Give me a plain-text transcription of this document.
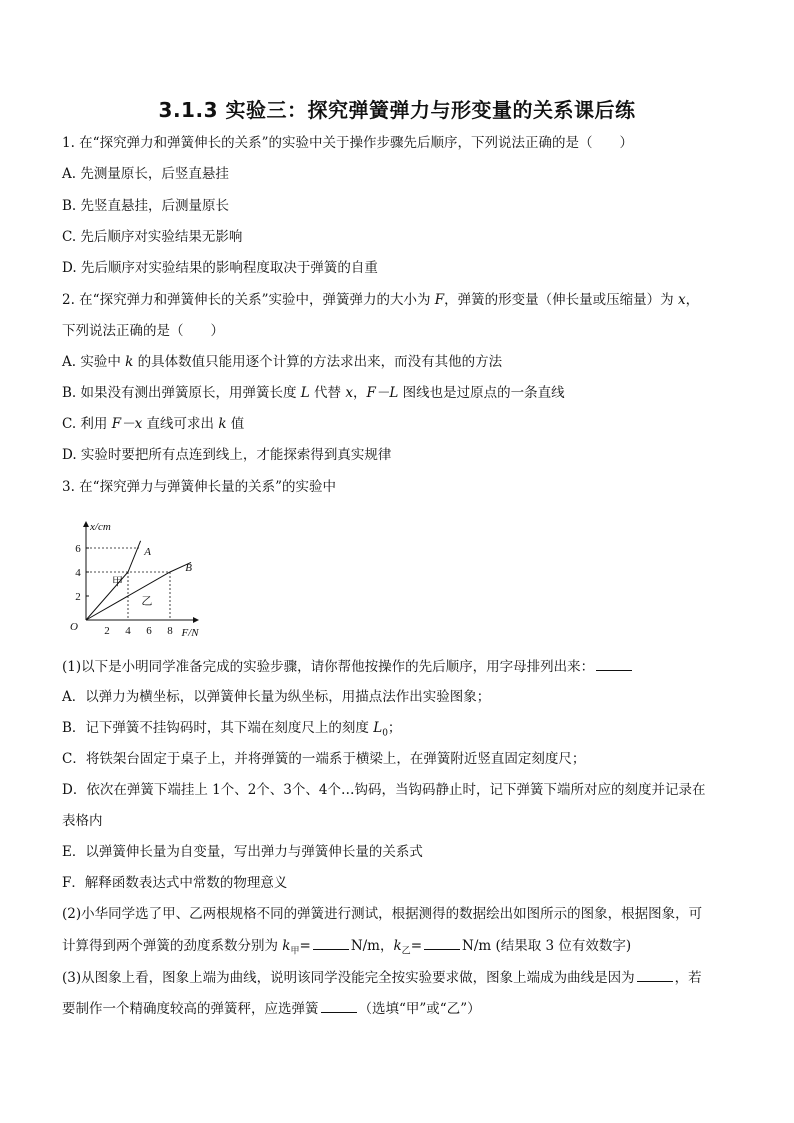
3.1.3 实验三：探究弹簧弹力与形变量的关系课后练
1. 在“探究弹力和弹簧伸长的关系”的实验中关于操作步骤先后顺序，下列说法正确的是（　　）
A. 先测量原长，后竖直悬挂
B. 先竖直悬挂，后测量原长
C. 先后顺序对实验结果无影响
D. 先后顺序对实验结果的影响程度取决于弹簧的自重
2. 在“探究弹力和弹簧伸长的关系”实验中，弹簧弹力的大小为 F，弹簧的形变量（伸长量或压缩量）为 x，
下列说法正确的是（　　）
A. 实验中 k 的具体数值只能用逐个计算的方法求出来，而没有其他的方法
B. 如果没有测出弹簧原长，用弹簧长度 L 代替 x，F－L 图线也是过原点的一条直线
C. 利用 F－x 直线可求出 k 值
D. 实验时要把所有点连到线上，才能探索得到真实规律
3. 在“探究弹力与弹簧伸长量的关系”的实验中
2
4
6
2 4 6 8
O
x/cm
F/N
A
B
甲
乙
(1)以下是小明同学准备完成的实验步骤，请你帮他按操作的先后顺序，用字母排列出来：
A．以弹力为横坐标，以弹簧伸长量为纵坐标，用描点法作出实验图象；
B．记下弹簧不挂钩码时，其下端在刻度尺上的刻度 $L_0$；
C．将铁架台固定于桌子上，并将弹簧的一端系于横梁上，在弹簧附近竖直固定刻度尺；
D．依次在弹簧下端挂上 1个、2个、3个、4个…钩码，当钩码静止时，记下弹簧下端所对应的刻度并记录在
表格内
E．以弹簧伸长量为自变量，写出弹力与弹簧伸长量的关系式
F．解释函数表达式中常数的物理意义
(2)小华同学选了甲、乙两根规格不同的弹簧进行测试，根据测得的数据绘出如图所示的图象，根据图象，可
计算得到两个弹簧的劲度系数分别为 $k_甲=$	N/m，$k_乙=$	N/m (结果取 3 位有效数字)
(3)从图象上看，图象上端为曲线，说明该同学没能完全按实验要求做，图象上端成为曲线是因为	，若
要制作一个精确度较高的弹簧秤，应选弹簧	（选填“甲”或“乙”）
